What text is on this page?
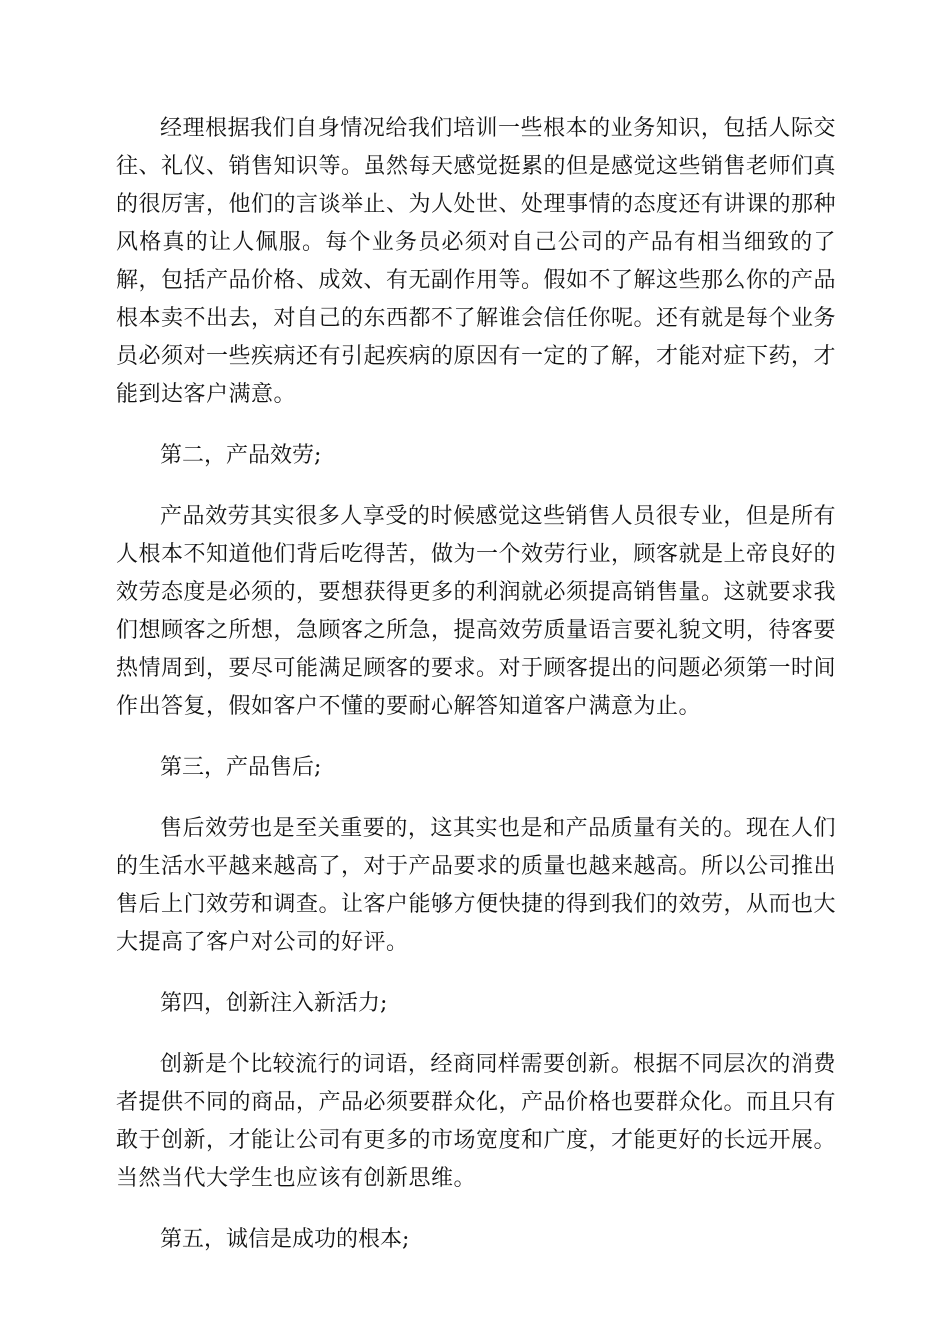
经理根据我们自身情况给我们培训一些根本的业务知识，包括人际交往、礼仪、销售知识等。虽然每天感觉挺累的但是感觉这些销售老师们真的很厉害，他们的言谈举止、为人处世、处理事情的态度还有讲课的那种风格真的让人佩服。每个业务员必须对自己公司的产品有相当细致的了解，包括产品价格、成效、有无副作用等。假如不了解这些那么你的产品根本卖不出去，对自己的东西都不了解谁会信任你呢。还有就是每个业务员必须对一些疾病还有引起疾病的原因有一定的了解，才能对症下药，才能到达客户满意。

第二，产品效劳;

产品效劳其实很多人享受的时候感觉这些销售人员很专业，但是所有人根本不知道他们背后吃得苦，做为一个效劳行业，顾客就是上帝良好的效劳态度是必须的，要想获得更多的利润就必须提高销售量。这就要求我们想顾客之所想，急顾客之所急，提高效劳质量语言要礼貌文明，待客要热情周到，要尽可能满足顾客的要求。对于顾客提出的问题必须第一时间作出答复，假如客户不懂的要耐心解答知道客户满意为止。

第三，产品售后;

售后效劳也是至关重要的，这其实也是和产品质量有关的。现在人们的生活水平越来越高了，对于产品要求的质量也越来越高。所以公司推出售后上门效劳和调查。让客户能够方便快捷的得到我们的效劳，从而也大大提高了客户对公司的好评。

第四，创新注入新活力;

创新是个比较流行的词语，经商同样需要创新。根据不同层次的消费者提供不同的商品，产品必须要群众化，产品价格也要群众化。而且只有敢于创新，才能让公司有更多的市场宽度和广度，才能更好的长远开展。当然当代大学生也应该有创新思维。

第五，诚信是成功的根本;
